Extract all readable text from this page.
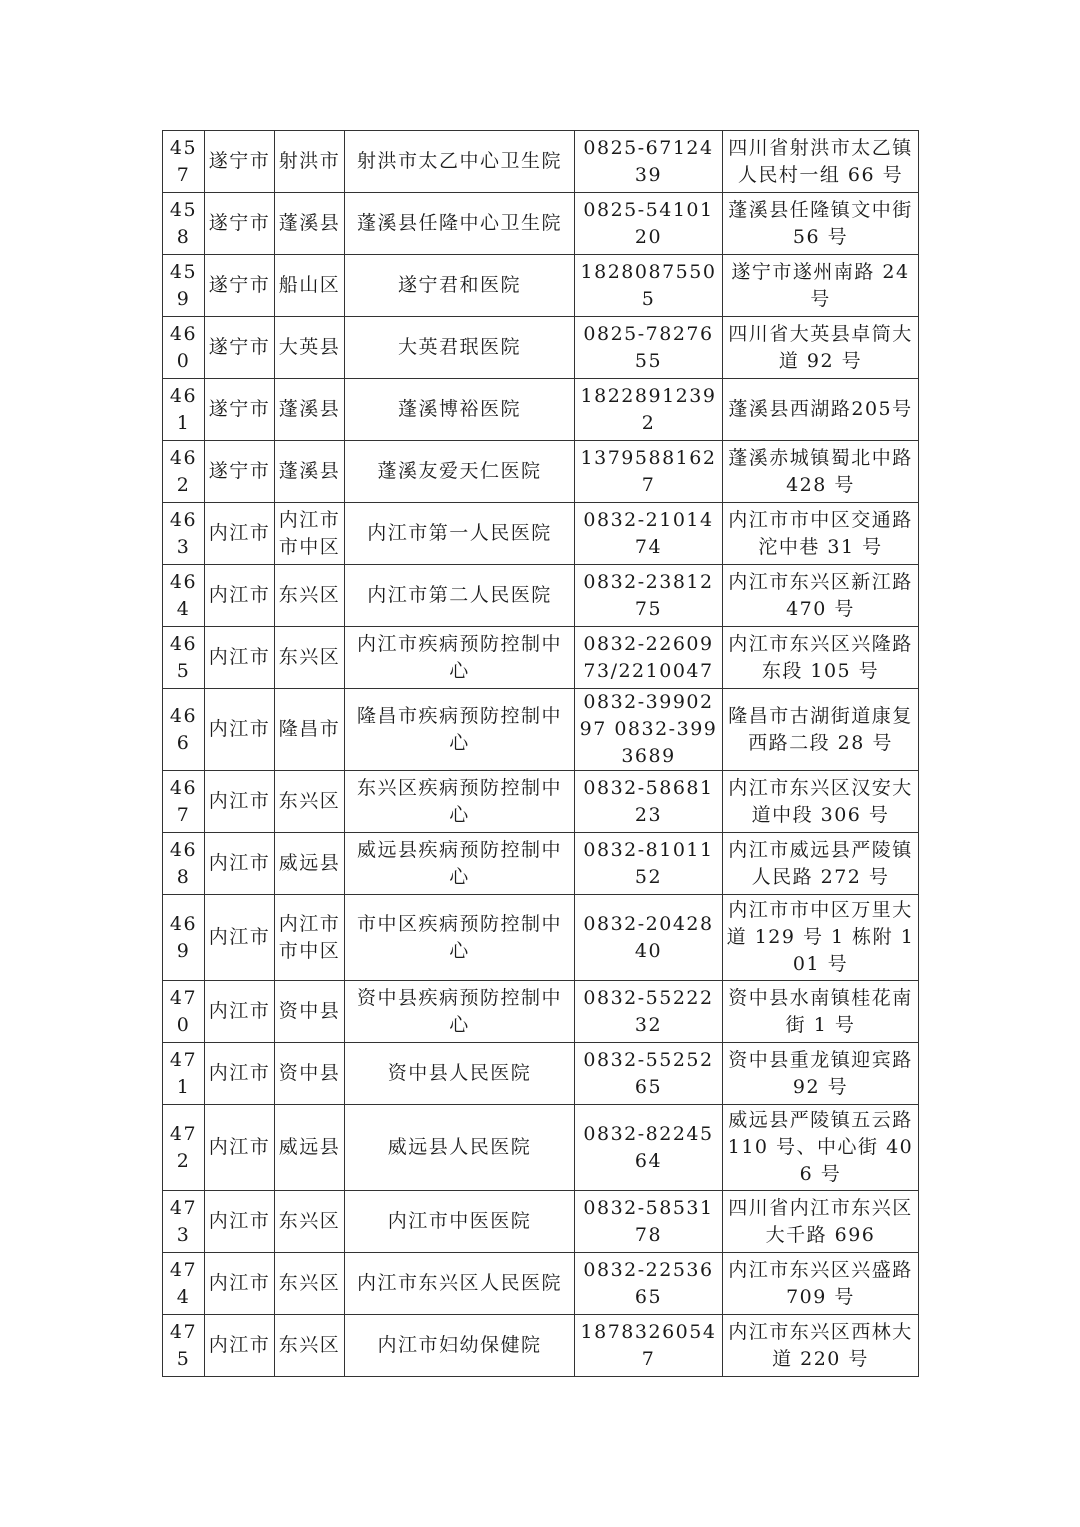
457	遂宁市	射洪市	射洪市太乙中心卫生院	0825-6712439	四川省射洪市太乙镇人民村一组 66 号
458	遂宁市	蓬溪县	蓬溪县任隆中心卫生院	0825-5410120	蓬溪县任隆镇文中街 56 号
459	遂宁市	船山区	遂宁君和医院	18280875505	遂宁市遂州南路 24 号
460	遂宁市	大英县	大英君珉医院	0825-7827655	四川省大英县卓筒大道 92 号
461	遂宁市	蓬溪县	蓬溪博裕医院	18228912392	蓬溪县西湖路205号
462	遂宁市	蓬溪县	蓬溪友爱天仁医院	13795881627	蓬溪赤城镇蜀北中路 428 号
463	内江市	内江市市中区	内江市第一人民医院	0832-2101474	内江市市中区交通路沱中巷 31 号
464	内江市	东兴区	内江市第二人民医院	0832-2381275	内江市东兴区新江路 470 号
465	内江市	东兴区	内江市疾病预防控制中心	0832-2260973/2210047	内江市东兴区兴隆路东段 105 号
466	内江市	隆昌市	隆昌市疾病预防控制中心	0832-3990297 0832-3993689	隆昌市古湖街道康复西路二段 28 号
467	内江市	东兴区	东兴区疾病预防控制中心	0832-5868123	内江市东兴区汉安大道中段 306 号
468	内江市	威远县	威远县疾病预防控制中心	0832-8101152	内江市威远县严陵镇人民路 272 号
469	内江市	内江市市中区	市中区疾病预防控制中心	0832-2042840	内江市市中区万里大道 129 号 1 栋附 101 号
470	内江市	资中县	资中县疾病预防控制中心	0832-5522232	资中县水南镇桂花南街 1 号
471	内江市	资中县	资中县人民医院	0832-5525265	资中县重龙镇迎宾路 92 号
472	内江市	威远县	威远县人民医院	0832-8224564	威远县严陵镇五云路 110 号、中心街 406 号
473	内江市	东兴区	内江市中医医院	0832-5853178	四川省内江市东兴区大千路 696
474	内江市	东兴区	内江市东兴区人民医院	0832-2253665	内江市东兴区兴盛路 709 号
475	内江市	东兴区	内江市妇幼保健院	18783260547	内江市东兴区西林大道 220 号
